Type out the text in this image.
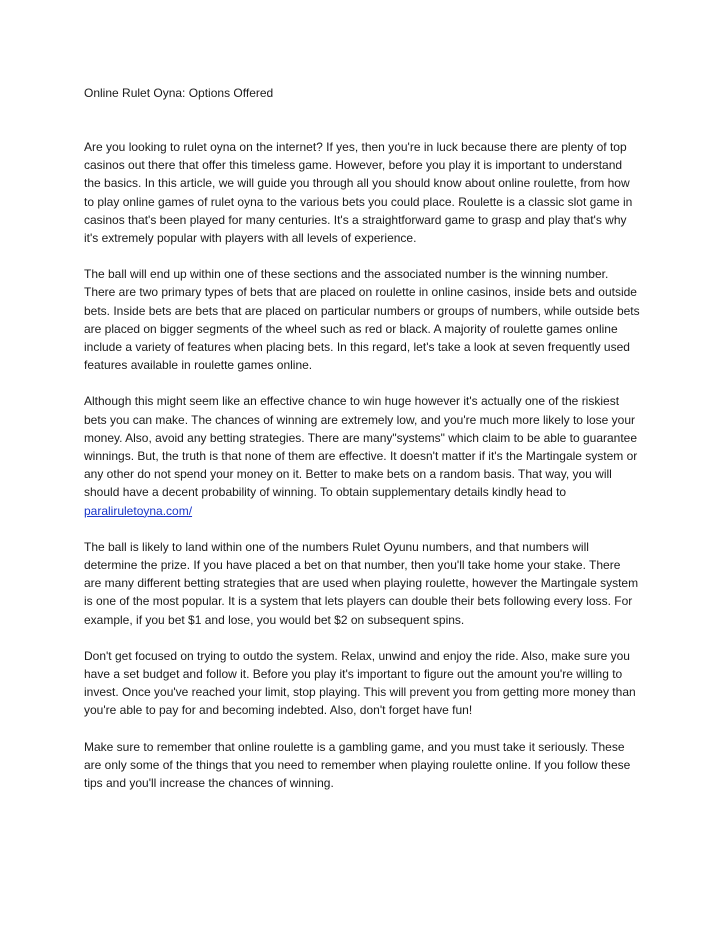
Online Rulet Oyna: Options Offered

Are you looking to rulet oyna on the internet? If yes, then you're in luck because there are plenty of top casinos out there that offer this timeless game. However, before you play it is important to understand the basics. In this article, we will guide you through all you should know about online roulette, from how to play online games of rulet oyna to the various bets you could place. Roulette is a classic slot game in casinos that's been played for many centuries. It's a straightforward game to grasp and play that's why it's extremely popular with players with all levels of experience.

The ball will end up within one of these sections and the associated number is the winning number. There are two primary types of bets that are placed on roulette in online casinos, inside bets and outside bets. Inside bets are bets that are placed on particular numbers or groups of numbers, while outside bets are placed on bigger segments of the wheel such as red or black. A majority of roulette games online include a variety of features when placing bets. In this regard, let's take a look at seven frequently used features available in roulette games online.

Although this might seem like an effective chance to win huge however it's actually one of the riskiest bets you can make. The chances of winning are extremely low, and you're much more likely to lose your money. Also, avoid any betting strategies. There are many"systems" which claim to be able to guarantee winnings. But, the truth is that none of them are effective. It doesn't matter if it's the Martingale system or any other do not spend your money on it. Better to make bets on a random basis. That way, you will should have a decent probability of winning. To obtain supplementary details kindly head to
paraliruletoyna.com/

The ball is likely to land within one of the numbers Rulet Oyunu numbers, and that numbers will determine the prize. If you have placed a bet on that number, then you'll take home your stake. There are many different betting strategies that are used when playing roulette, however the Martingale system is one of the most popular. It is a system that lets players can double their bets following every loss. For example, if you bet $1 and lose, you would bet $2 on subsequent spins.

Don't get focused on trying to outdo the system. Relax, unwind and enjoy the ride. Also, make sure you have a set budget and follow it. Before you play it's important to figure out the amount you're willing to invest. Once you've reached your limit, stop playing. This will prevent you from getting more money than you're able to pay for and becoming indebted. Also, don't forget have fun!

Make sure to remember that online roulette is a gambling game, and you must take it seriously. These are only some of the things that you need to remember when playing roulette online. If you follow these tips and you'll increase the chances of winning.
